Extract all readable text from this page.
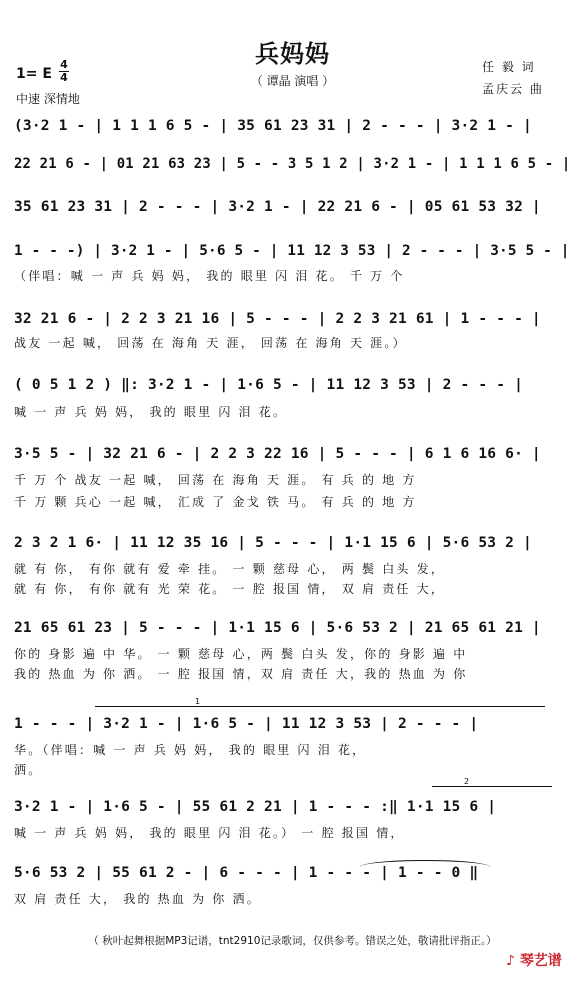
兵妈妈
（ 谭晶 演唱 ）
1= E
4
4
中速 深情地
任 毅 词
孟庆云 曲
(3·2 1 - | 1 1 1 6 5 - | 35 61 23 31 | 2 - - - | 3·2 1 - |
22 21 6 - | 01 21 63 23 | 5 - - 3 5 1 2 | 3·2 1 - | 1 1 1 6 5 - |
35 61 23 31 | 2 - - - | 3·2 1 - | 22 21 6 - | 05 61 53 32 |
1 - - -) | 3·2 1 - | 5·6 5 - | 11 12 3 53 | 2 - - - | 3·5 5 - |
（伴唱：喊 一 声 兵 妈 妈， 我的 眼里 闪 泪 花。 千 万 个
32 21 6 - | 2 2 3 21 16 | 5 - - - | 2 2 3 21 61 | 1 - - - |
战友 一起 喊， 回荡 在 海角 天 涯， 回荡 在 海角 天 涯。）
( 0 5 1 2 ) ‖: 3·2 1 - | 1·6 5 - | 11 12 3 53 | 2 - - - |
喊 一 声 兵 妈 妈， 我的 眼里 闪 泪 花。
3·5 5 - | 32 21 6 - | 2 2 3 22 16 | 5 - - - | 6 1 6 16 6· |
千 万 个 战友 一起 喊， 回荡 在 海角 天 涯。 有 兵 的 地 方
千 万 颗 兵心 一起 喊， 汇成 了 金戈 铁 马。 有 兵 的 地 方
2 3 2 1 6· | 11 12 35 16 | 5 - - - | 1·1 15 6 | 5·6 53 2 |
就 有 你， 有你 就有 爱 牵 挂。 一 颗 慈母 心， 两 鬓 白头 发，
就 有 你， 有你 就有 光 荣 花。 一 腔 报国 情， 双 肩 责任 大，
21 65 61 23 | 5 - - - | 1·1 15 6 | 5·6 53 2 | 21 65 61 21 |
你的 身影 遍 中 华。 一 颗 慈母 心，两 鬓 白头 发，你的 身影 遍 中
我的 热血 为 你 洒。 一 腔 报国 情，双 肩 责任 大，我的 热血 为 你
1
1 - - - | 3·2 1 - | 1·6 5 - | 11 12 3 53 | 2 - - - |
华。（伴唱：喊 一 声 兵 妈 妈， 我的 眼里 闪 泪 花，
洒。
2
3·2 1 - | 1·6 5 - | 55 61 2 21 | 1 - - - :‖ 1·1 15 6 |
喊 一 声 兵 妈 妈， 我的 眼里 闪 泪 花。） 一 腔 报国 情，
5·6 53 2 | 55 61 2 - | 6 - - - | 1 - - - | 1 - - 0 ‖
双 肩 责任 大， 我的 热血 为 你 洒。
（ 秋叶起舞根据MP3记谱，tnt2910记录歌词，仅供参考。错误之处，敬请批评指正。）
♪ 琴艺谱
